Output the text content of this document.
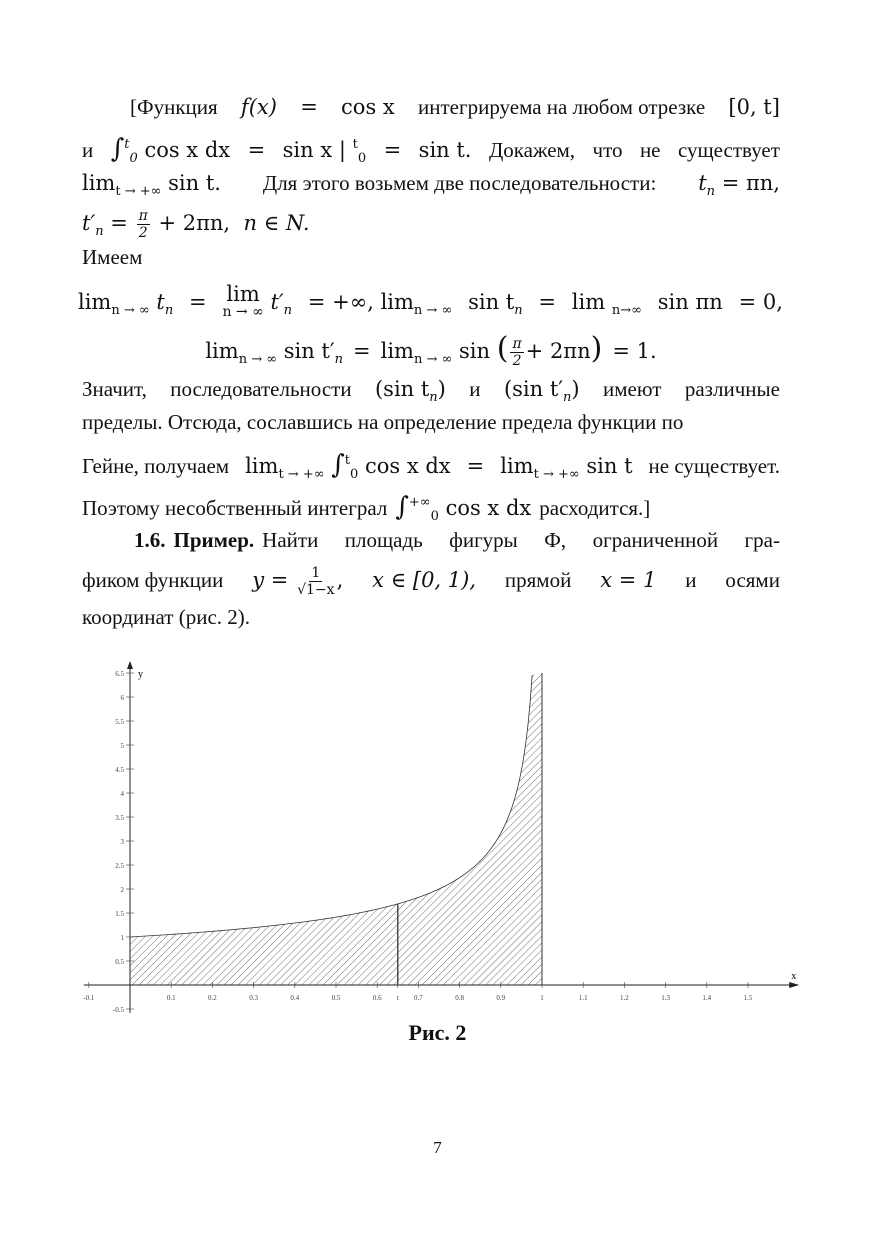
[Функция f(x) = cos x интегрируема на любом отрезке [0, t]
и ∫$^t_0$ cos x dx = sin x | $^t_0$ = sin t. Докажем, что не существует
$\lim_{t \to +\infty} \sin t$. Для этого возьмем две последовательности: $t_n = \pi n$,
$t'_n = \frac{\pi}{2} + 2\pi n$, n ∈ N.
Имеем
$\lim_{n \to \infty} t_n = \lim$
n → ∞ $t'_n$ = +∞, $\lim_{n \to \infty} \sin t_n = \lim _{n\to\infty}$ sin πn = 0,
$\lim_{n \to \infty} \sin t'_n = \lim_{n \to \infty} \sin$ ( $\frac{\pi}{2} + 2\pi n) = 1$.
Значит, последовательности (sin $t_n$) и (sin $t'_n$) имеют различные
пределы. Отсюда, сославшись на определение предела функции по
Гейне, получаем $\lim_{t \to +\infty} \int^t_0$ cos x dx = $\lim_{t \to +\infty} \sin t$ не существует.
Поэтому несобственный интеграл $\int^{+\infty}_0$ cos x dx расходится.]
1.6. Пример. Найти площадь фигуры Ф, ограниченной гра-
фиком функции $y = \frac{1}{√1-x}$ , x ∈ [0, 1), прямой x = 1 и осями
координат (рис. 2).
x
y
-0.1	0.1	0.2	0.3	0.4	0.5	0.6 t 0.7	0.8	0.9	1	1.1	1.2	1.3	1.4	1.5
-0.5
0.5
1
1.5
2
2.5
3
3.5
4
4.5
5
5.5
6
6.5
Рис. 2
7
